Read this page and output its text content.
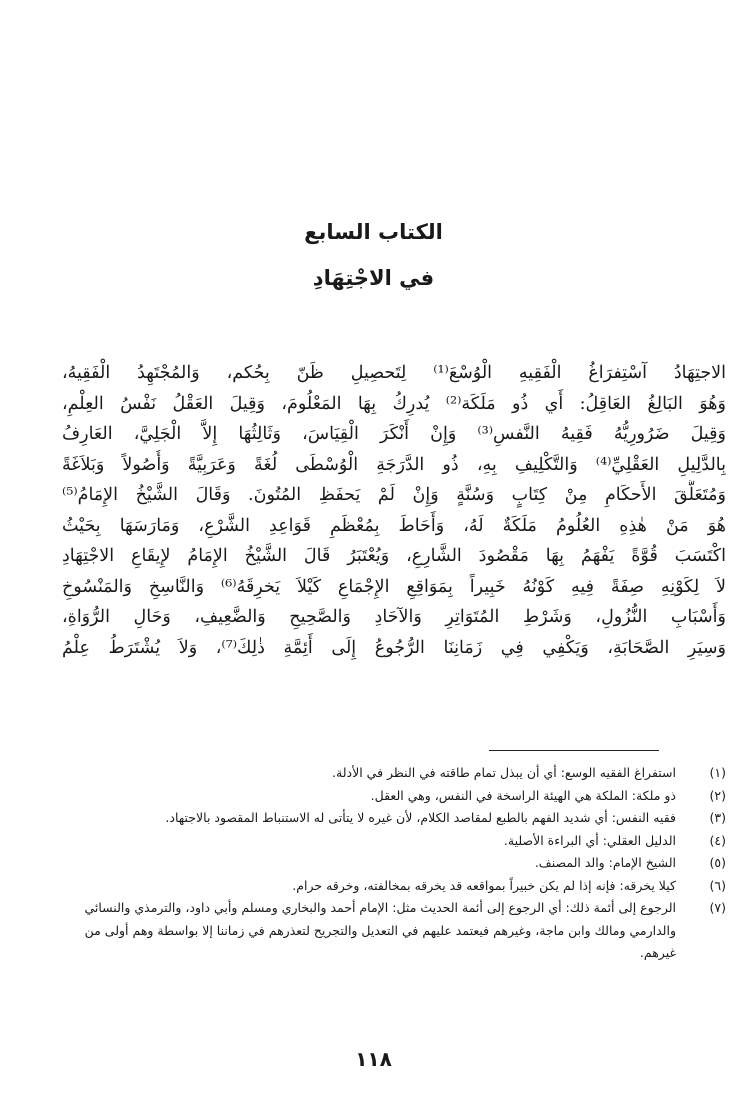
الكتاب السابع

في الاجْتِهَادِ

الاجتِهَادُ آسْتِفرَاغُ الْفَقِيهِ الْوُسْعَ⁽¹⁾ لِتَحصِيلِ ظَنّ بِحُكم، وَالمُجْتَهِدُ الْفَقِيهُ،
وَهُوَ البَالِغُ العَاقِلُ: أَي ذُو مَلَكَة⁽²⁾ يُدرِكُ بِهَا المَعْلُومَ، وَقِيلَ العَقْلُ نَفْسُ العِلْمِ،
وَقِيلَ ضَرُورِيُّهُ فَقِيهُ النَّفسِ⁽³⁾ وَإِنْ أَنْكَرَ الْقِيَاسَ، وَثَالِثُهَا إِلاَّ الْجَلِيَّ، العَارِفُ
بِالدَّلِيلِ العَقْلِيِّ⁽⁴⁾ وَالتَّكْلِيفِ بِهِ، ذُو الدَّرَجَةِ الْوُسْطَى لُغَةً وَعَرَبِيَّةً وَأُصُولاً وَبَلاَغَةً
وَمُتَعَلَّقَ الأَحكَامِ مِنْ كِتَابٍ وَسُنَّةٍ وَإِنْ لَمْ يَحفَظِ المُتُونَ. وَقَالَ الشَّيْخُ الإِمَامُ⁽⁵⁾
هُوَ مَنْ هٰذِهِ العُلُومُ مَلَكَةٌ لَهُ، وَأَحَاطَ بِمُعْظَمِ قَوَاعِدِ الشَّرْعِ، وَمَارَسَهَا بِحَيْثُ
اكْتَسَبَ قُوَّةً يَفْهَمُ بِهَا مَقْصُودَ الشَّارِعِ، وَيُعْتَبَرُ قَالَ الشَّيْخُ الإِمَامُ لإِيقَاعِ الاجْتِهَادِ
لاَ لِكَوْنِهِ صِفَةً فِيهِ كَوْنُهُ خَبِيراً بِمَوَاقِعِ الإِجْمَاعِ كَيْلاَ يَخرِقَهُ⁽⁶⁾ وَالنَّاسِخِ وَالمَنْسُوخِ
وَأَسْبَابِ النُّزُولِ، وَشَرْطِ المُتَوَاتِرِ وَالآحَادِ وَالصَّحِيحِ وَالضَّعِيفِ، وَحَالِ الرُّوَاةِ،
وَسِيَرِ الصَّحَابَةِ، وَيَكْفِي فِي زَمَانِنَا الرُّجُوعُ إِلَى أَئِمَّةِ ذٰلِكَ⁽⁷⁾، وَلاَ يُشْتَرَطُ عِلْمُ
(١)
استفراغ الفقيه الوسع: أي أن يبذل تمام طاقته في النظر في الأدلة.
(٢)
ذو ملكة: الملكة هي الهيئة الراسخة في النفس، وهي العقل.
(٣)
فقيه النفس: أي شديد الفهم بالطبع لمقاصد الكلام، لأن غيره لا يتأتى له الاستنباط المقصود بالاجتهاد.
(٤)
الدليل العقلي: أي البراءة الأصلية.
(٥)
الشيخ الإمام: والد المصنف.
(٦)
كيلا يخرقه: فإنه إذا لم يكن خبيراً بمواقعه قد يخرقه بمخالفته، وخرقه حرام.
(٧)
الرجوع إلى أئمة ذلك: أي الرجوع إلى أئمة الحديث مثل: الإمام أحمد والبخاري ومسلم وأبي داود، والترمذي والنسائي والدارمي ومالك وابن ماجة، وغيرهم فيعتمد عليهم في التعديل والتجريح لتعذرهم في زماننا إلا بواسطة وهم أولى من غيرهم.
١١٨
